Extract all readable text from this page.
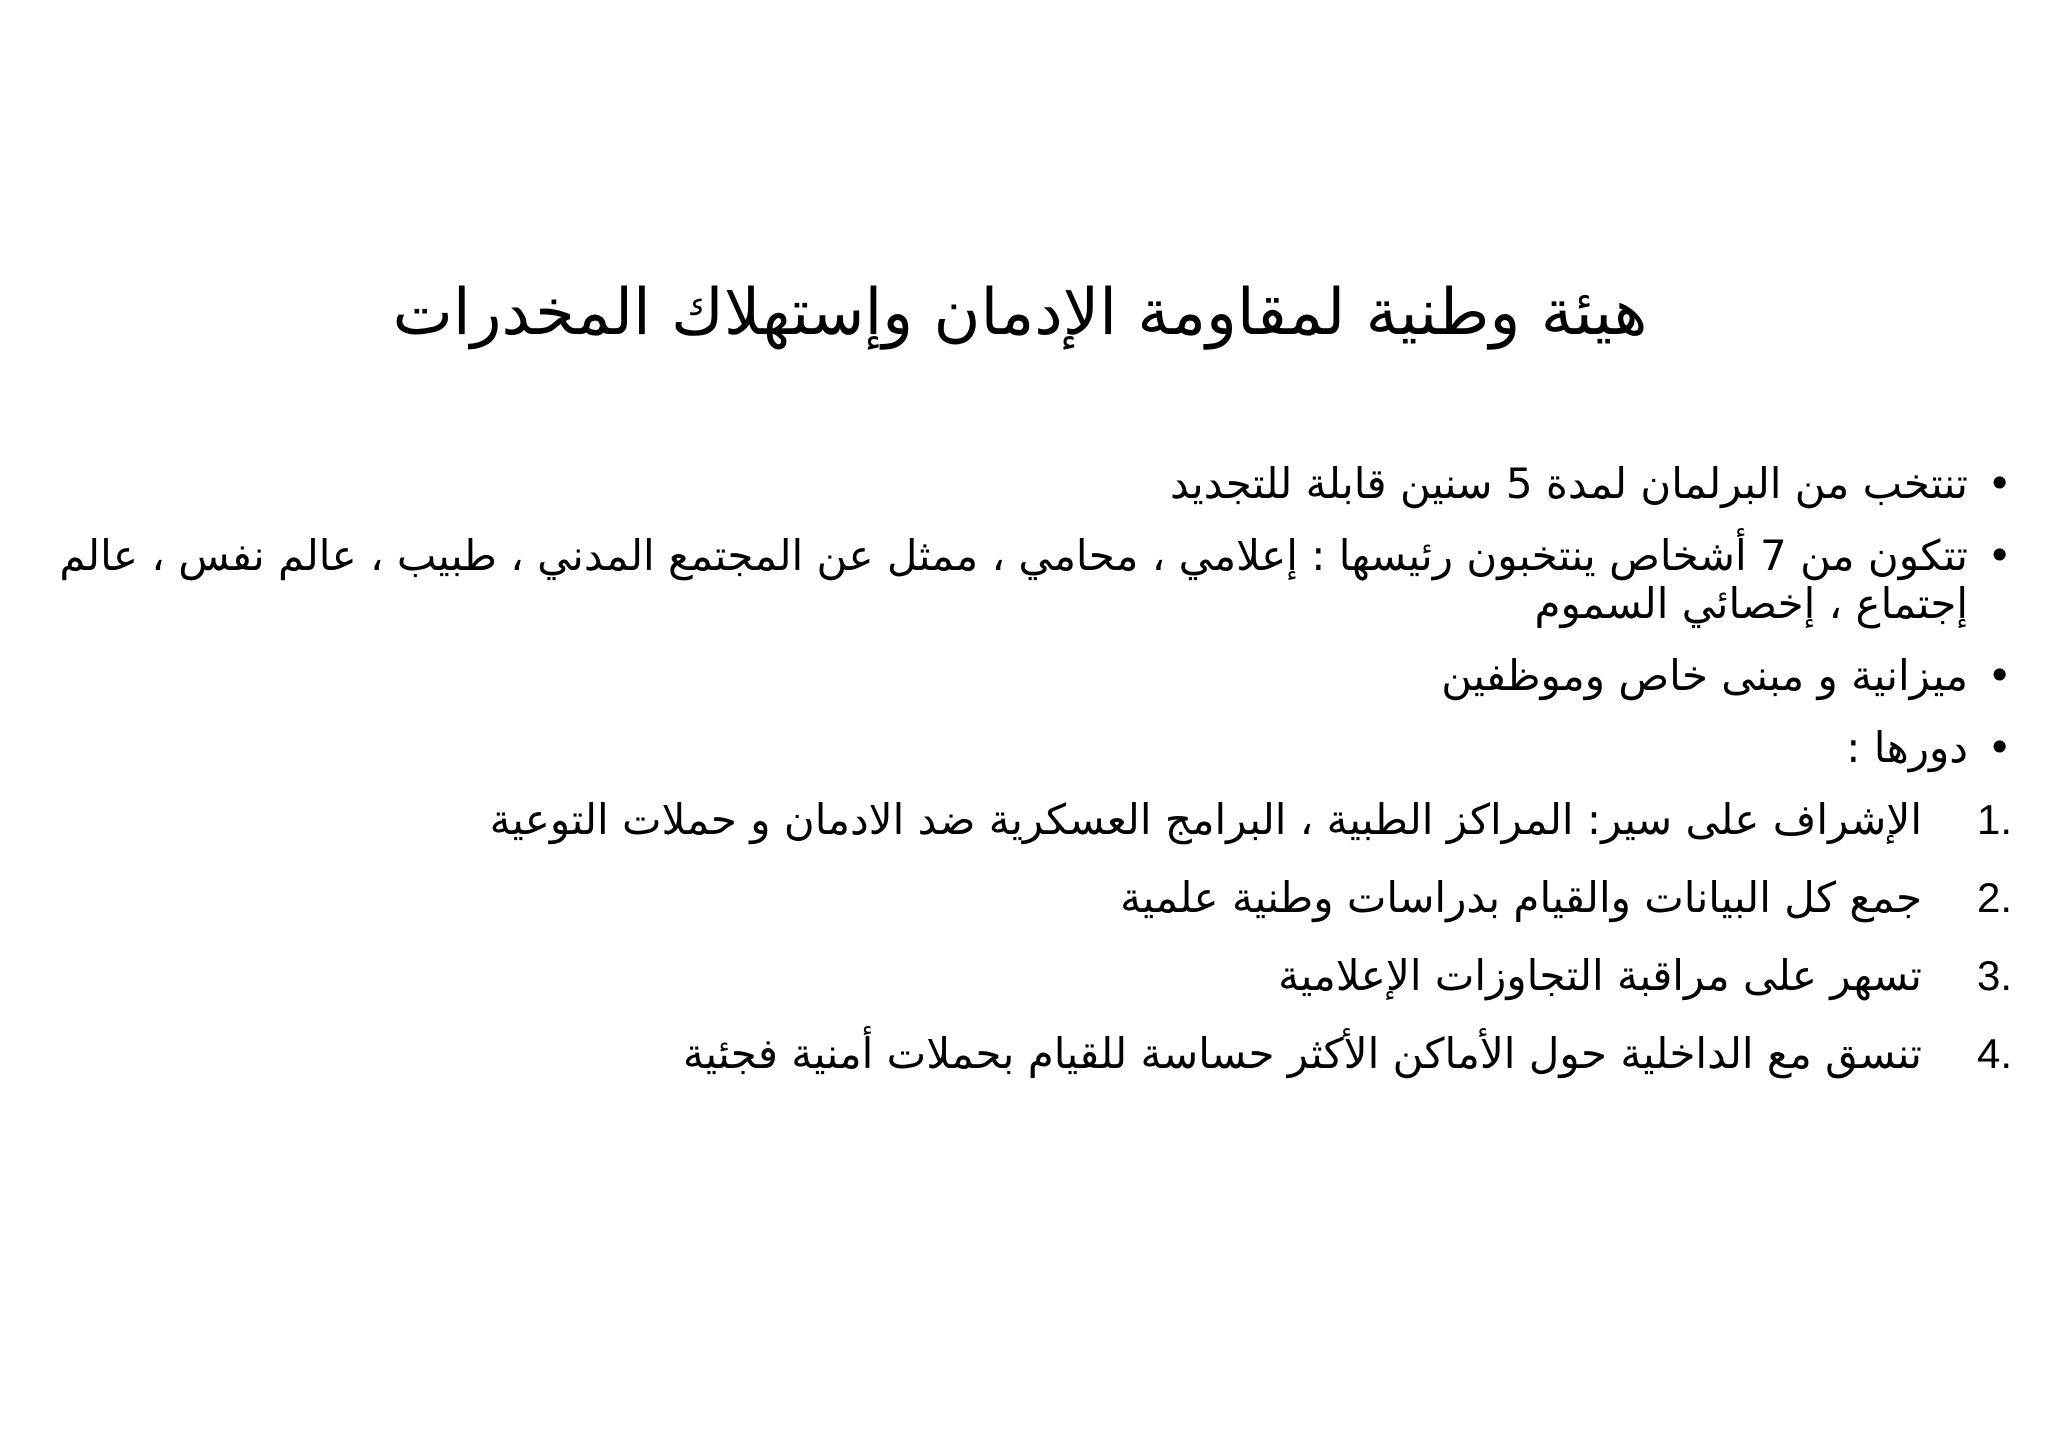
هيئة وطنية لمقاومة الإدمان وإستهلاك المخدرات
•
تنتخب من البرلمان لمدة 5 سنين قابلة للتجديد
•
تتكون من 7 أشخاص ينتخبون رئيسها : إعلامي ، محامي ، ممثل عن المجتمع المدني ، طبيب ، عالم نفس ، عالم إجتماع ، إخصائي السموم
•
ميزانية و مبنى خاص وموظفين
•
دورها :
1.
الإشراف على سير: المراكز الطبية ، البرامج العسكرية ضد الادمان و حملات التوعية
2.
جمع كل البيانات والقيام بدراسات وطنية علمية
3.
تسهر على مراقبة التجاوزات الإعلامية
4.
تنسق مع الداخلية حول الأماكن الأكثر حساسة للقيام بحملات أمنية فجئية
